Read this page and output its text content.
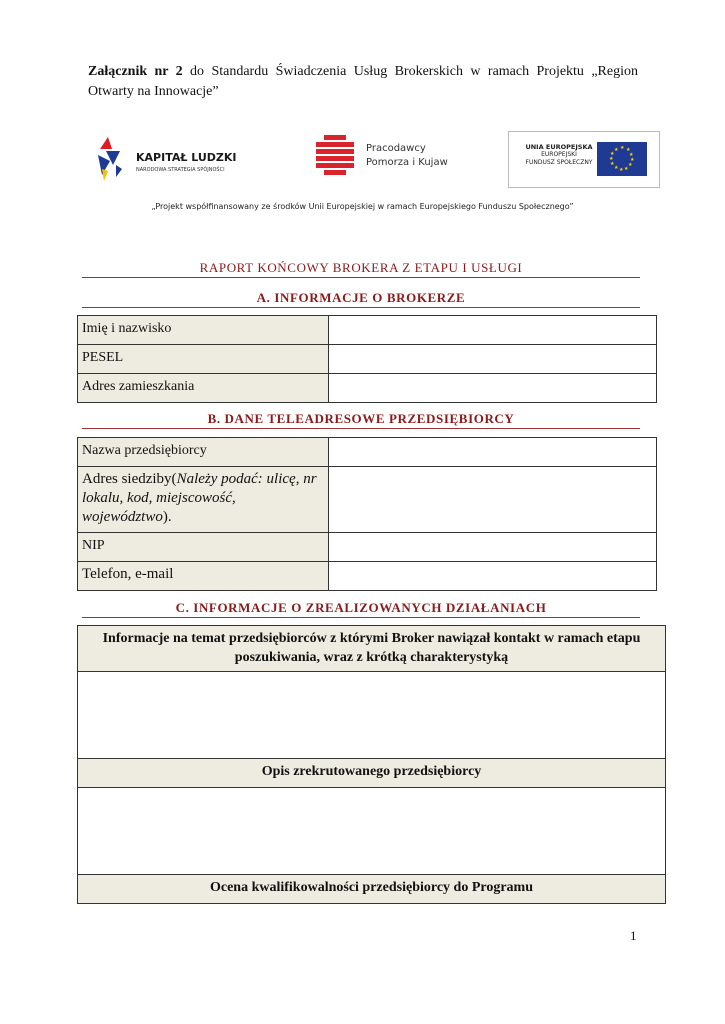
Załącznik nr 2 do Standardu Świadczenia Usług Brokerskich w ramach Projektu „Region Otwarty na Innowacje”
KAPITAŁ LUDZKI
NARODOWA STRATEGIA SPÓJNOŚCI
Pracodawcy
Pomorza i Kujaw
UNIA EUROPEJSKA
EUROPEJSKI
FUNDUSZ SPOŁECZNY
★ ★
★
★
★
★
★
★
★
★
★
★
„Projekt współfinansowany ze środków Unii Europejskiej w ramach Europejskiego Funduszu Społecznego”
RAPORT KOŃCOWY BROKERA Z ETAPU I USŁUGI
A. INFORMACJE O BROKERZE
Imię i nazwisko	
PESEL	
Adres zamieszkania	
B. DANE TELEADRESOWE PRZEDSIĘBIORCY
Nazwa przedsiębiorcy	
Adres siedziby(Należy podać: ulicę, nr lokalu, kod, miejscowość, województwo).	
NIP	
Telefon, e-mail	
C. INFORMACJE O ZREALIZOWANYCH DZIAŁANIACH
Informacje na temat przedsiębiorców z którymi Broker nawiązał kontakt w ramach etapu poszukiwania, wraz z krótką charakterystyką

Opis zrekrutowanego przedsiębiorcy

Ocena kwalifikowalności przedsiębiorcy do Programu
1
